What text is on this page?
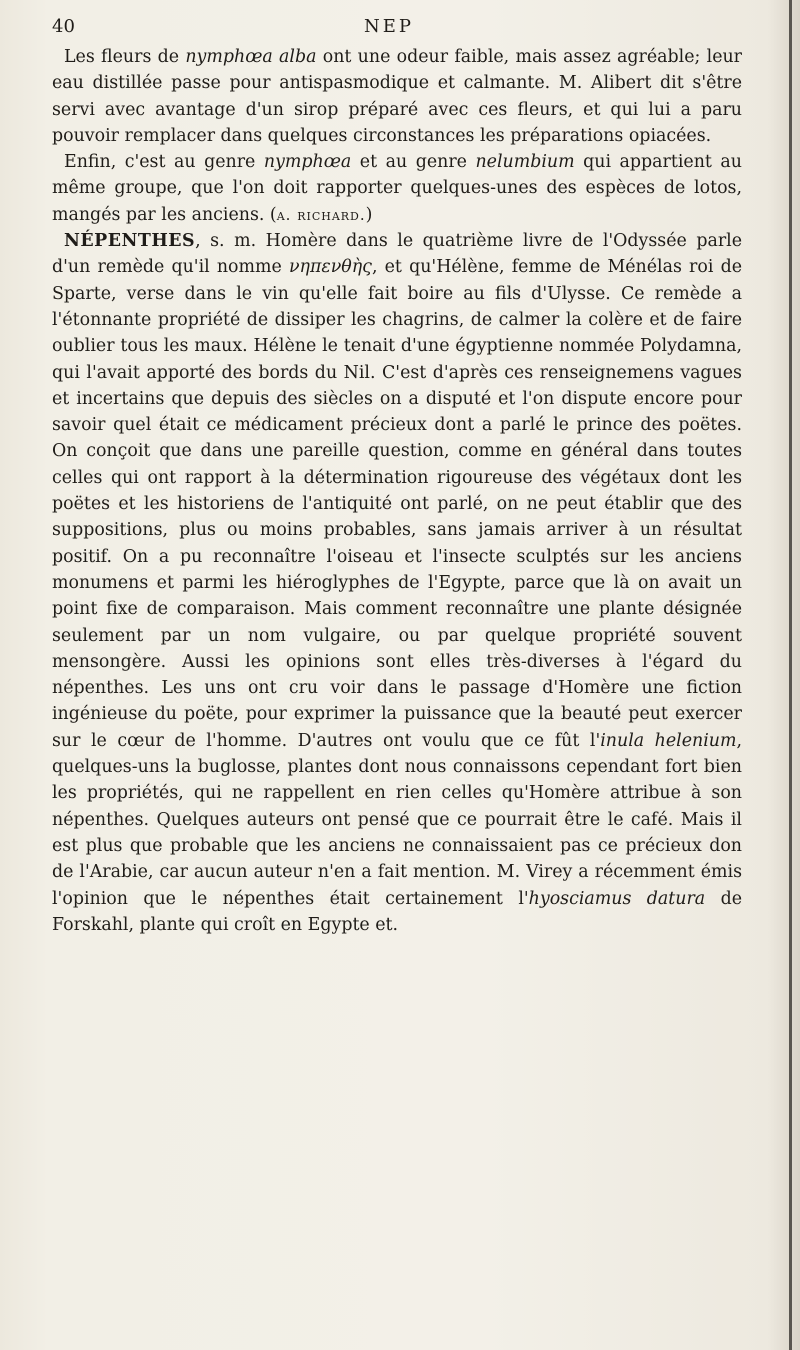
40	NEP

Les fleurs de nymphœa alba ont une odeur faible, mais assez agréable; leur eau distillée passe pour antispasmodique et calmante. M. Alibert dit s'être servi avec avantage d'un sirop préparé avec ces fleurs, et qui lui a paru pouvoir remplacer dans quelques circonstances les préparations opiacées.

Enfin, c'est au genre nymphœa et au genre nelumbium qui appartient au même groupe, que l'on doit rapporter quelques-unes des espèces de lotos, mangés par les anciens. (a. richard.)

NÉPENTHES, s. m. Homère dans le quatrième livre de l'Odyssée parle d'un remède qu'il nomme νηπενθὴς, et qu'Hélène, femme de Ménélas roi de Sparte, verse dans le vin qu'elle fait boire au fils d'Ulysse. Ce remède a l'étonnante propriété de dissiper les chagrins, de calmer la colère et de faire oublier tous les maux. Hélène le tenait d'une égyptienne nommée Polydamna, qui l'avait apporté des bords du Nil. C'est d'après ces renseignemens vagues et incertains que depuis des siècles on a disputé et l'on dispute encore pour savoir quel était ce médicament précieux dont a parlé le prince des poëtes. On conçoit que dans une pareille question, comme en général dans toutes celles qui ont rapport à la détermination rigoureuse des végétaux dont les poëtes et les historiens de l'antiquité ont parlé, on ne peut établir que des suppositions, plus ou moins probables, sans jamais arriver à un résultat positif. On a pu reconnaître l'oiseau et l'insecte sculptés sur les anciens monumens et parmi les hiéroglyphes de l'Egypte, parce que là on avait un point fixe de comparaison. Mais comment reconnaître une plante désignée seulement par un nom vulgaire, ou par quelque propriété souvent mensongère. Aussi les opinions sont elles très-diverses à l'égard du népenthes. Les uns ont cru voir dans le passage d'Homère une fiction ingénieuse du poëte, pour exprimer la puissance que la beauté peut exercer sur le cœur de l'homme. D'autres ont voulu que ce fût l'inula helenium, quelques-uns la buglosse, plantes dont nous connaissons cependant fort bien les propriétés, qui ne rappellent en rien celles qu'Homère attribue à son népenthes. Quelques auteurs ont pensé que ce pourrait être le café. Mais il est plus que probable que les anciens ne connaissaient pas ce précieux don de l'Arabie, car aucun auteur n'en a fait mention. M. Virey a récemment émis l'opinion que le népenthes était certainement l'hyosciamus datura de Forskahl, plante qui croît en Egypte et.
